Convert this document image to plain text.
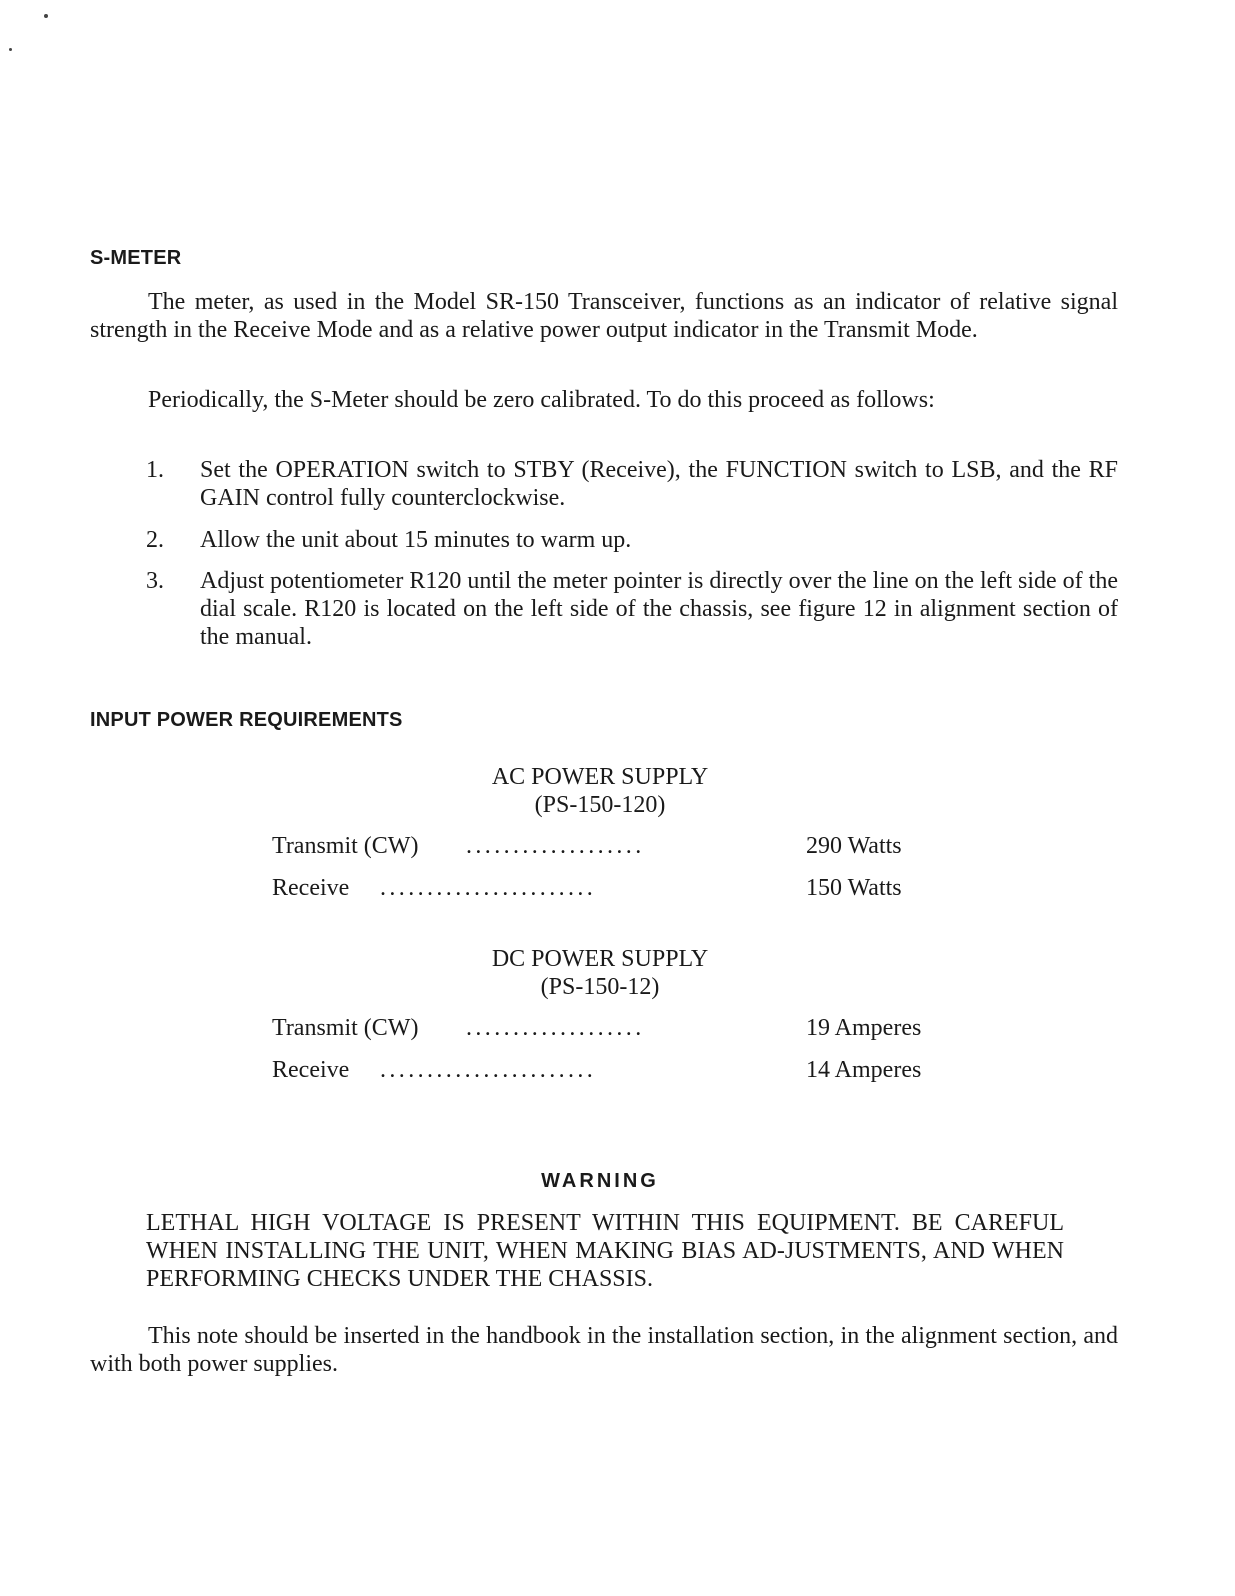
S-METER
The meter, as used in the Model SR-150 Transceiver, functions as an indicator of relative signal strength in the Receive Mode and as a relative power output indicator in the Transmit Mode.
Periodically, the S-Meter should be zero calibrated. To do this proceed as follows:
1. Set the OPERATION switch to STBY (Receive), the FUNCTION switch to LSB, and the RF GAIN control fully counterclockwise.
2. Allow the unit about 15 minutes to warm up.
3. Adjust potentiometer R120 until the meter pointer is directly over the line on the left side of the dial scale. R120 is located on the left side of the chassis, see figure 12 in alignment section of the manual.
INPUT POWER REQUIREMENTS
AC POWER SUPPLY
(PS-150-120)
Transmit (CW) ...................	290 Watts
Receive .......................	150 Watts
DC POWER SUPPLY
(PS-150-12)
Transmit (CW) ...................	19 Amperes
Receive .......................	14 Amperes
WARNING
LETHAL HIGH VOLTAGE IS PRESENT WITHIN THIS EQUIPMENT. BE CAREFUL WHEN INSTALLING THE UNIT, WHEN MAKING BIAS AD-JUSTMENTS, AND WHEN PERFORMING CHECKS UNDER THE CHASSIS.
This note should be inserted in the handbook in the installation section, in the alignment section, and with both power supplies.
